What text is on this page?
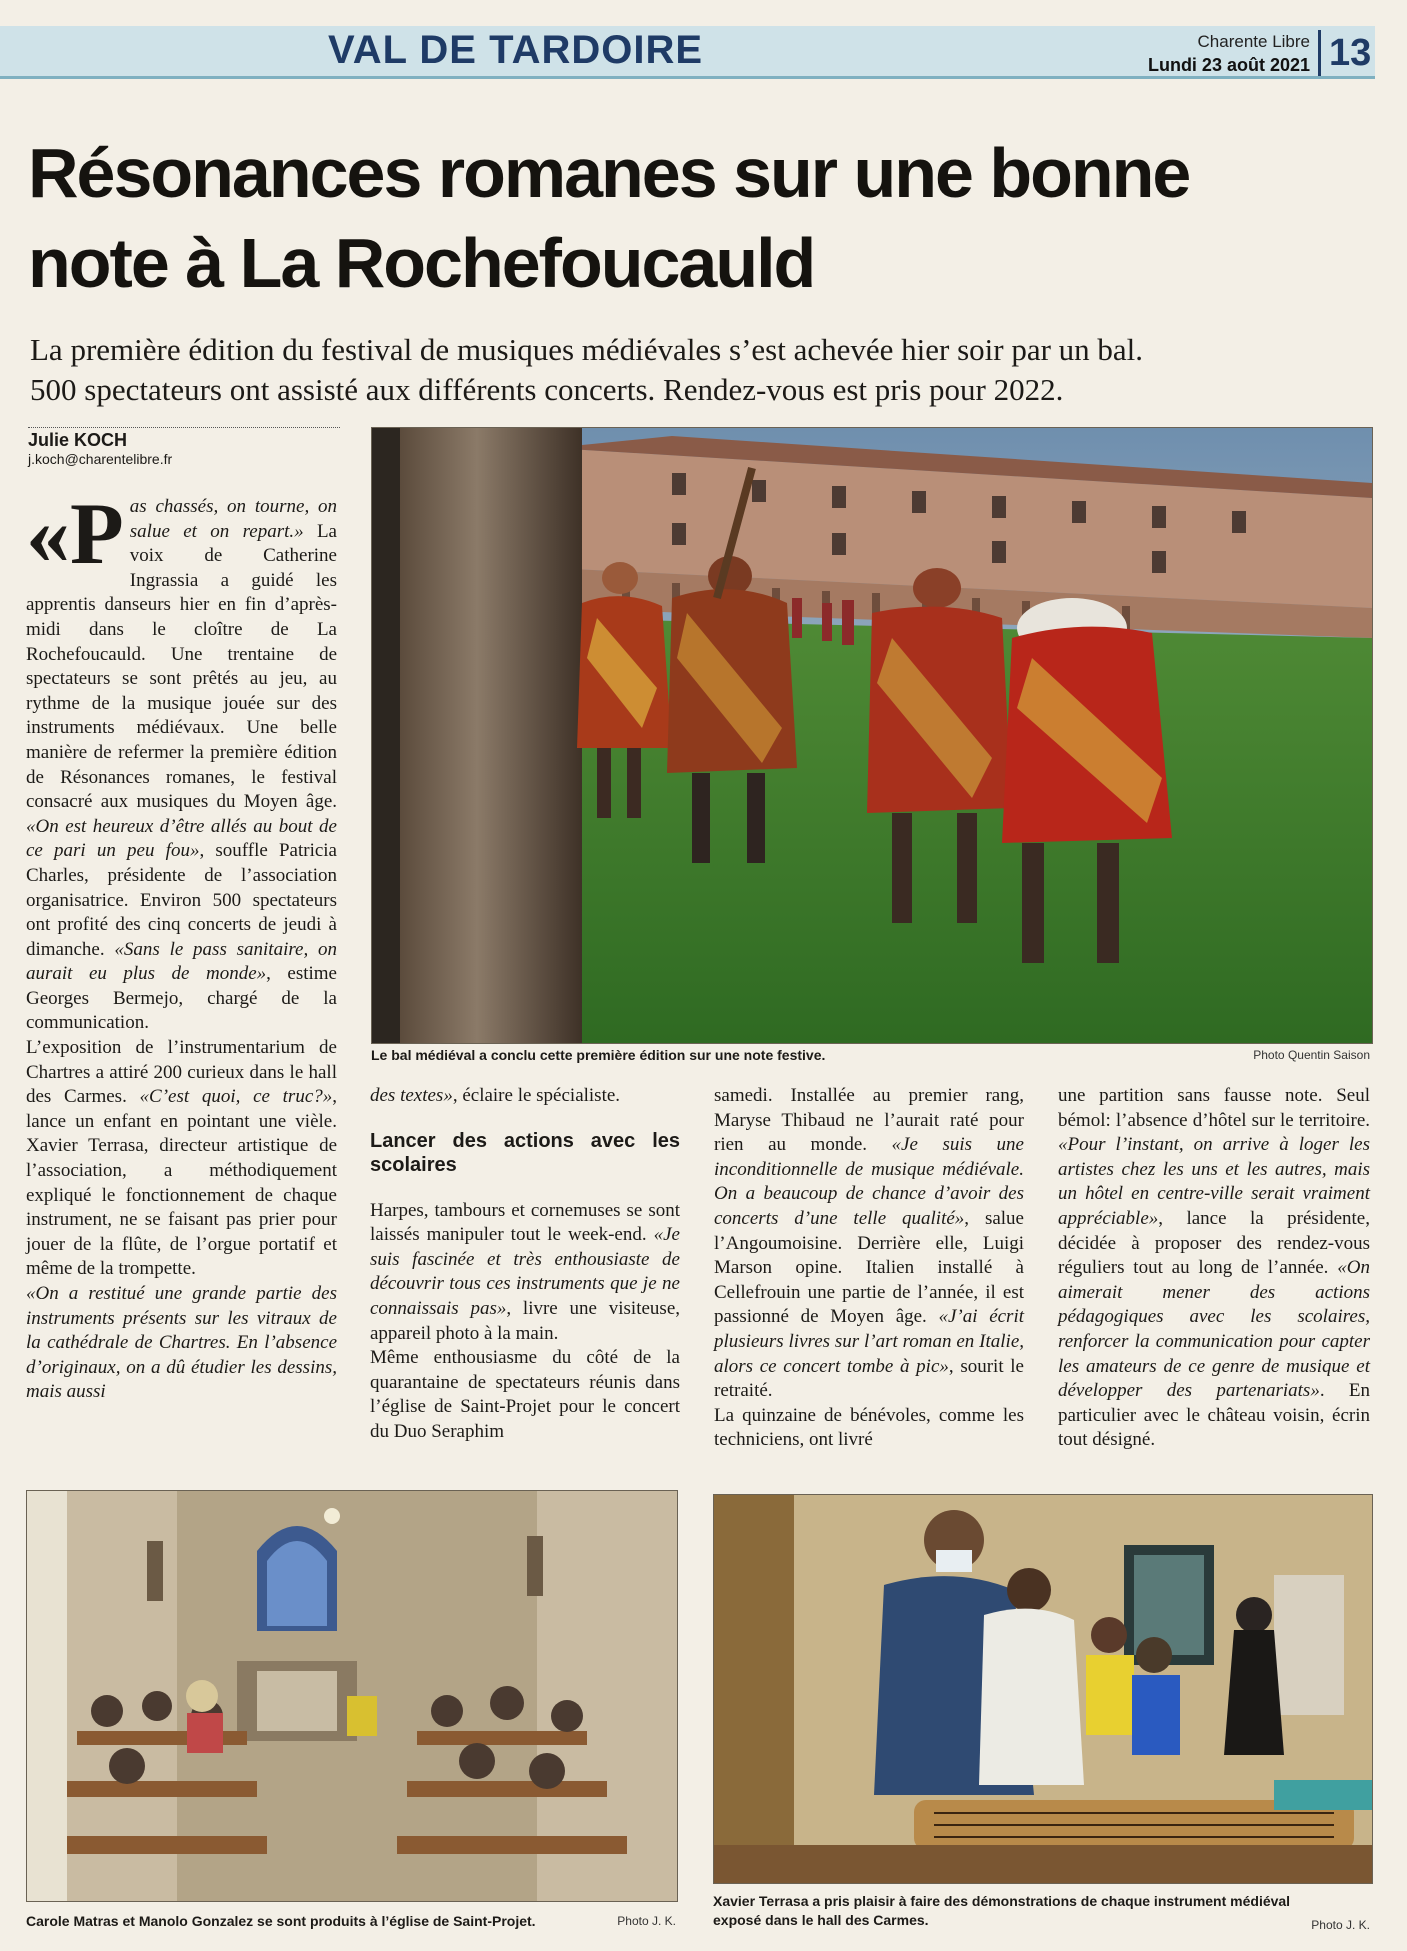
VAL DE TARDOIRE	Charente Libre
Lundi 23 août 2021 13
Résonances romanes sur une bonne
note à La Rochefoucauld
La première édition du festival de musiques médiévales s’est achevée hier soir par un bal.
500 spectateurs ont assisté aux différents concerts. Rendez-vous est pris pour 2022.
Julie KOCH
j.koch@charentelibre.fr

«Pas chassés, on tourne, on salue et on repart.» La voix de Catherine Ingrassia a guidé les apprentis danseurs hier en fin d’après-midi dans le cloître de La Rochefoucauld. Une trentaine de spectateurs se sont prêtés au jeu, au rythme de la musique jouée sur des instruments médiévaux. Une belle manière de refermer la première édition de Résonances romanes, le festival consacré aux musiques du Moyen âge. «On est heureux d’être allés au bout de ce pari un peu fou», souffle Patricia Charles, présidente de l’association organisatrice. Environ 500 spectateurs ont profité des cinq concerts de jeudi à dimanche. «Sans le pass sanitaire, on aurait eu plus de monde», estime Georges Bermejo, chargé de la communication.

L’exposition de l’instrumentarium de Chartres a attiré 200 curieux dans le hall des Carmes. «C’est quoi, ce truc?», lance un enfant en pointant une vièle. Xavier Terrasa, directeur artistique de l’association, a méthodiquement expliqué le fonctionnement de chaque instrument, ne se faisant pas prier pour jouer de la flûte, de l’orgue portatif et même de la trompette.

«On a restitué une grande partie des instruments présents sur les vitraux de la cathédrale de Chartres. En l’absence d’originaux, on a dû étudier les dessins, mais aussi

Le bal médiéval a conclu cette première édition sur une note festive.	Photo Quentin Saison

des textes», éclaire le spécialiste.

Lancer des actions avec les scolaires

Harpes, tambours et cornemuses se sont laissés manipuler tout le week-end. «Je suis fascinée et très enthousiaste de découvrir tous ces instruments que je ne connaissais pas», livre une visiteuse, appareil photo à la main.

Même enthousiasme du côté de la quarantaine de spectateurs réunis dans l’église de Saint-Projet pour le concert du Duo Seraphim

samedi. Installée au premier rang, Maryse Thibaud ne l’aurait raté pour rien au monde. «Je suis une inconditionnelle de musique médiévale. On a beaucoup de chance d’avoir des concerts d’une telle qualité», salue l’Angoumoisine. Derrière elle, Luigi Marson opine. Italien installé à Cellefrouin une partie de l’année, il est passionné de Moyen âge. «J’ai écrit plusieurs livres sur l’art roman en Italie, alors ce concert tombe à pic», sourit le retraité.

La quinzaine de bénévoles, comme les techniciens, ont livré

une partition sans fausse note. Seul bémol: l’absence d’hôtel sur le territoire. «Pour l’instant, on arrive à loger les artistes chez les uns et les autres, mais un hôtel en centre-ville serait vraiment appréciable», lance la présidente, décidée à proposer des rendez-vous réguliers tout au long de l’année. «On aimerait mener des actions pédagogiques avec les scolaires, renforcer la communication pour capter les amateurs de ce genre de musique et développer des partenariats». En particulier avec le château voisin, écrin tout désigné.

Carole Matras et Manolo Gonzalez se sont produits à l’église de Saint-Projet.	Photo J. K.
Xavier Terrasa a pris plaisir à faire des démonstrations de chaque instrument médiéval exposé dans le hall des Carmes.	Photo J. K.
